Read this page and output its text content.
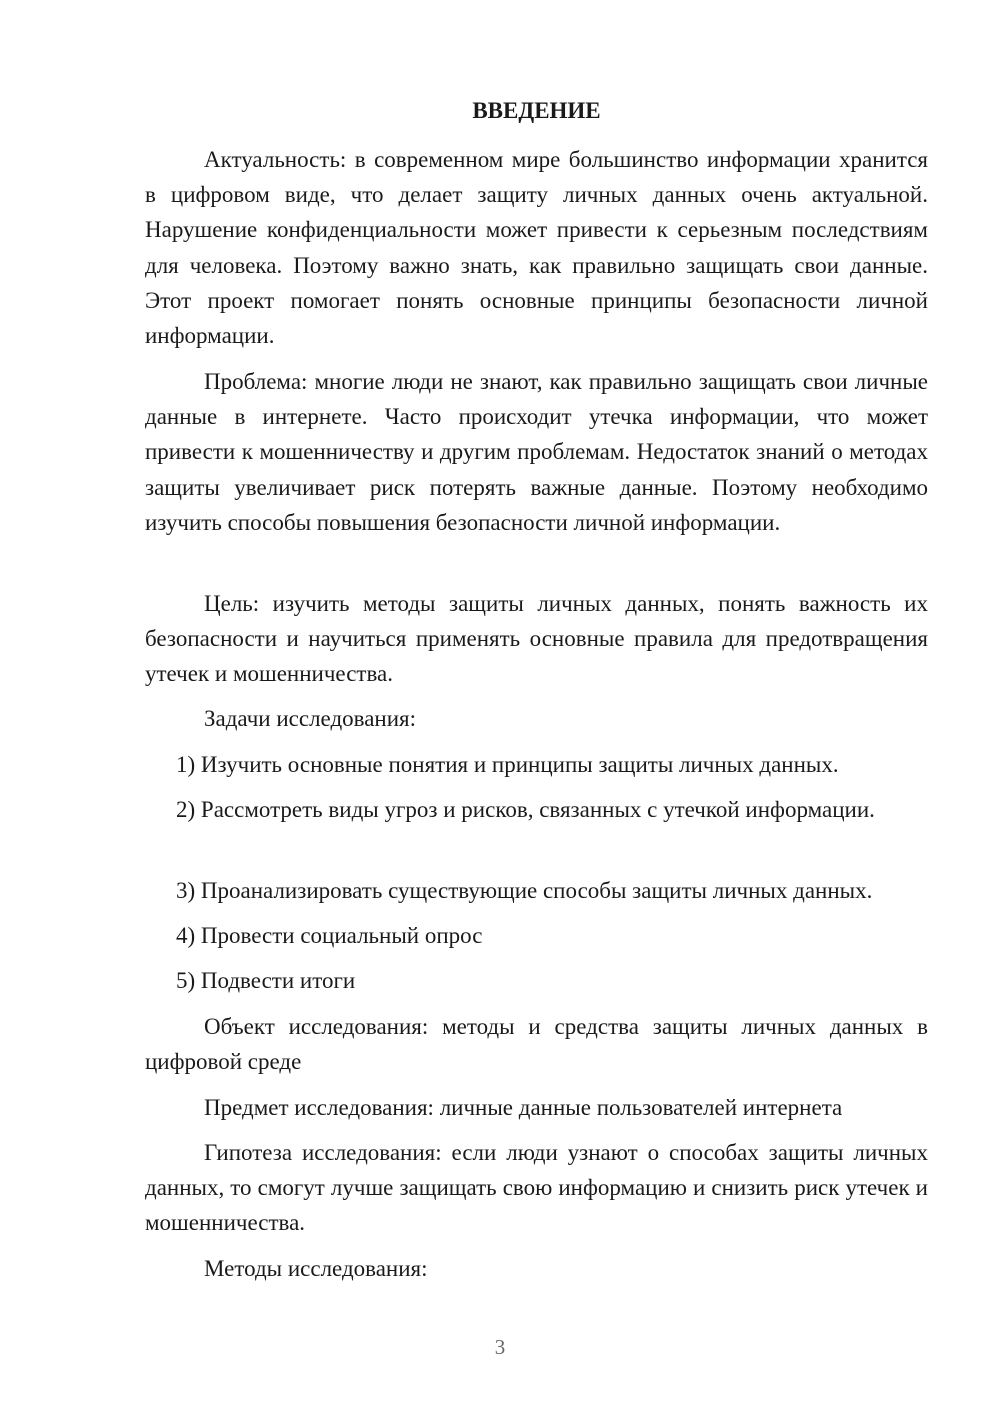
ВВЕДЕНИЕ

Актуальность: в современном мире большинство информации хранится в цифровом виде, что делает защиту личных данных очень актуальной. Нарушение конфиденциальности может привести к серьезным последствиям для человека. Поэтому важно знать, как правильно защищать свои данные. Этот проект помогает понять основные принципы безопасности личной информации.

Проблема: многие люди не знают, как правильно защищать свои личные данные в интернете. Часто происходит утечка информации, что может привести к мошенничеству и другим проблемам. Недостаток знаний о методах защиты увеличивает риск потерять важные данные. Поэтому необходимо изучить способы повышения безопасности личной информации.

Цель: изучить методы защиты личных данных, понять важность их безопасности и научиться применять основные правила для предотвращения утечек и мошенничества.

Задачи исследования:

1) Изучить основные понятия и принципы защиты личных данных.

2) Рассмотреть виды угроз и рисков, связанных с утечкой информации.

3) Проанализировать существующие способы защиты личных данных.

4) Провести социальный опрос

5) Подвести итоги

Объект исследования: методы и средства защиты личных данных в цифровой среде

Предмет исследования: личные данные пользователей интернета

Гипотеза исследования: если люди узнают о способах защиты личных данных, то смогут лучше защищать свою информацию и снизить риск утечек и мошенничества.

Методы исследования:

3
